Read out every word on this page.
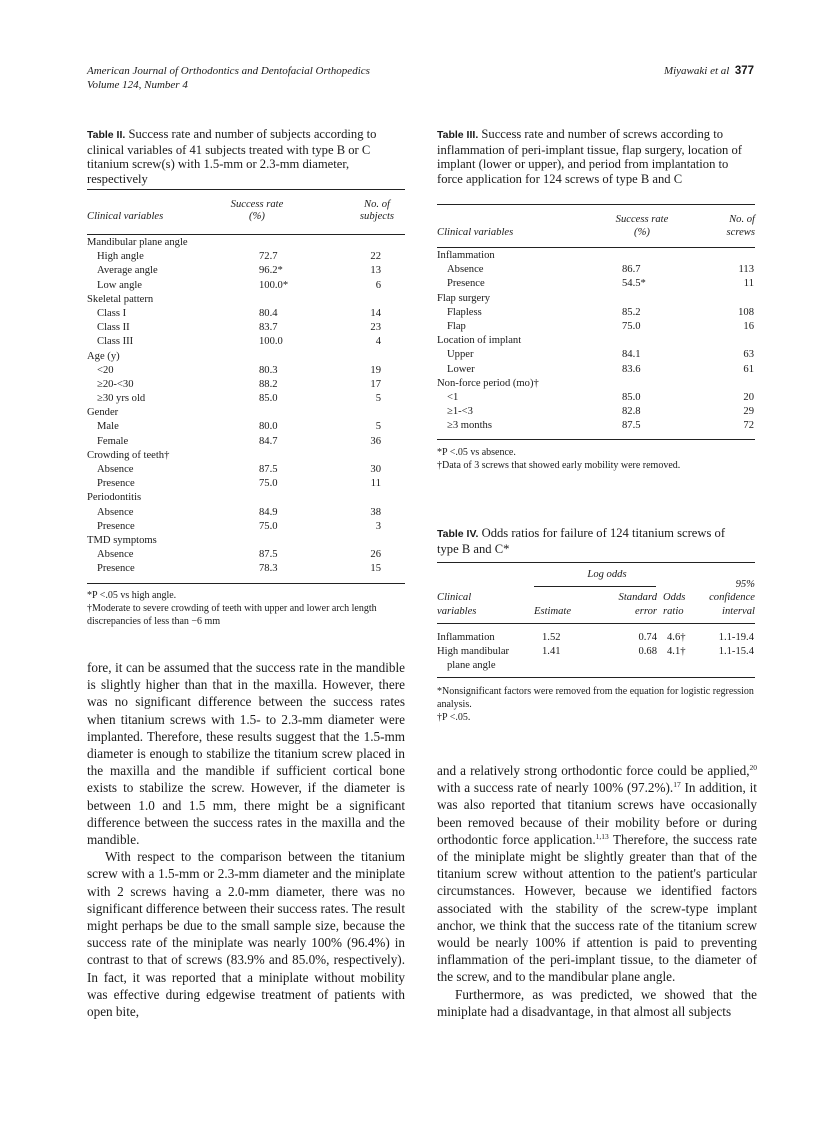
American Journal of Orthodontics and Dentofacial Orthopedics
Volume 124, Number 4
Miyawaki et al 377
Table II. Success rate and number of subjects according to clinical variables of 41 subjects treated with type B or C titanium screw(s) with 1.5-mm or 2.3-mm diameter, respectively
Clinical variables
Success rate
(%)
No. of
subjects
Mandibular plane angle
High angle	72.7	22
Average angle	96.2*	13
Low angle	100.0*	6
Skeletal pattern
Class I	80.4	14
Class II	83.7	23
Class III	100.0	4
Age (y)
<20	80.3	19
≥20-<30	88.2	17
≥30 yrs old	85.0	5
Gender
Male	80.0	5
Female	84.7	36
Crowding of teeth†
Absence	87.5	30
Presence	75.0	11
Periodontitis
Absence	84.9	38
Presence	75.0	3
TMD symptoms
Absence	87.5	26
Presence	78.3	15
*P <.05 vs high angle.
†Moderate to severe crowding of teeth with upper and lower arch length discrepancies of less than −6 mm
Table III. Success rate and number of screws according to inflammation of peri-implant tissue, flap surgery, location of implant (lower or upper), and period from implantation to force application for 124 screws of type B and C
Clinical variables
Success rate
(%)
No. of
screws
Inflammation
Absence	86.7	113
Presence	54.5*	11
Flap surgery
Flapless	85.2	108
Flap	75.0	16
Location of implant
Upper	84.1	63
Lower	83.6	61
Non-force period (mo)†
<1	85.0	20
≥1-<3	82.8	29
≥3 months	87.5	72
*P <.05 vs absence.
†Data of 3 screws that showed early mobility were removed.
Table IV. Odds ratios for failure of 124 titanium screws of type B and C*
Log odds
Clinical
variables	Estimate
Standard
error
Odds
ratio
95%
confidence
interval
Inflammation	1.52	0.74 4.6†	1.1-19.4
High mandibular	1.41	0.68 4.1†	1.1-15.4
plane angle
*Nonsignificant factors were removed from the equation for logistic regression analysis.
†P <.05.

fore, it can be assumed that the success rate in the mandible is slightly higher than that in the maxilla. However, there was no significant difference between the success rates when titanium screws with 1.5- to 2.3-mm diameter were implanted. Therefore, these results suggest that the 1.5-mm diameter is enough to stabilize the titanium screw placed in the maxilla and the mandible if sufficient cortical bone exists to stabilize the screw. However, if the diameter is between 1.0 and 1.5 mm, there might be a significant difference between the success rates in the maxilla and the mandible.

With respect to the comparison between the titanium screw with a 1.5-mm or 2.3-mm diameter and the miniplate with 2 screws having a 2.0-mm diameter, there was no significant difference between their success rates. The result might perhaps be due to the small sample size, because the success rate of the miniplate was nearly 100% (96.4%) in contrast to that of screws (83.9% and 85.0%, respectively). In fact, it was reported that a miniplate without mobility was effective during edgewise treatment of patients with open bite,

and a relatively strong orthodontic force could be applied,$^{20}$ with a success rate of nearly 100% (97.2%).$^{17}$ In addition, it was also reported that titanium screws have occasionally been removed because of their mobility before or during orthodontic force application.$^{1,13}$ Therefore, the success rate of the miniplate might be slightly greater than that of the titanium screw without attention to the patient's particular circumstances. However, because we identified factors associated with the stability of the screw-type implant anchor, we think that the success rate of the titanium screw would be nearly 100% if attention is paid to preventing inflammation of the peri-implant tissue, to the diameter of the screw, and to the mandibular plane angle.

Furthermore, as was predicted, we showed that the miniplate had a disadvantage, in that almost all subjects
